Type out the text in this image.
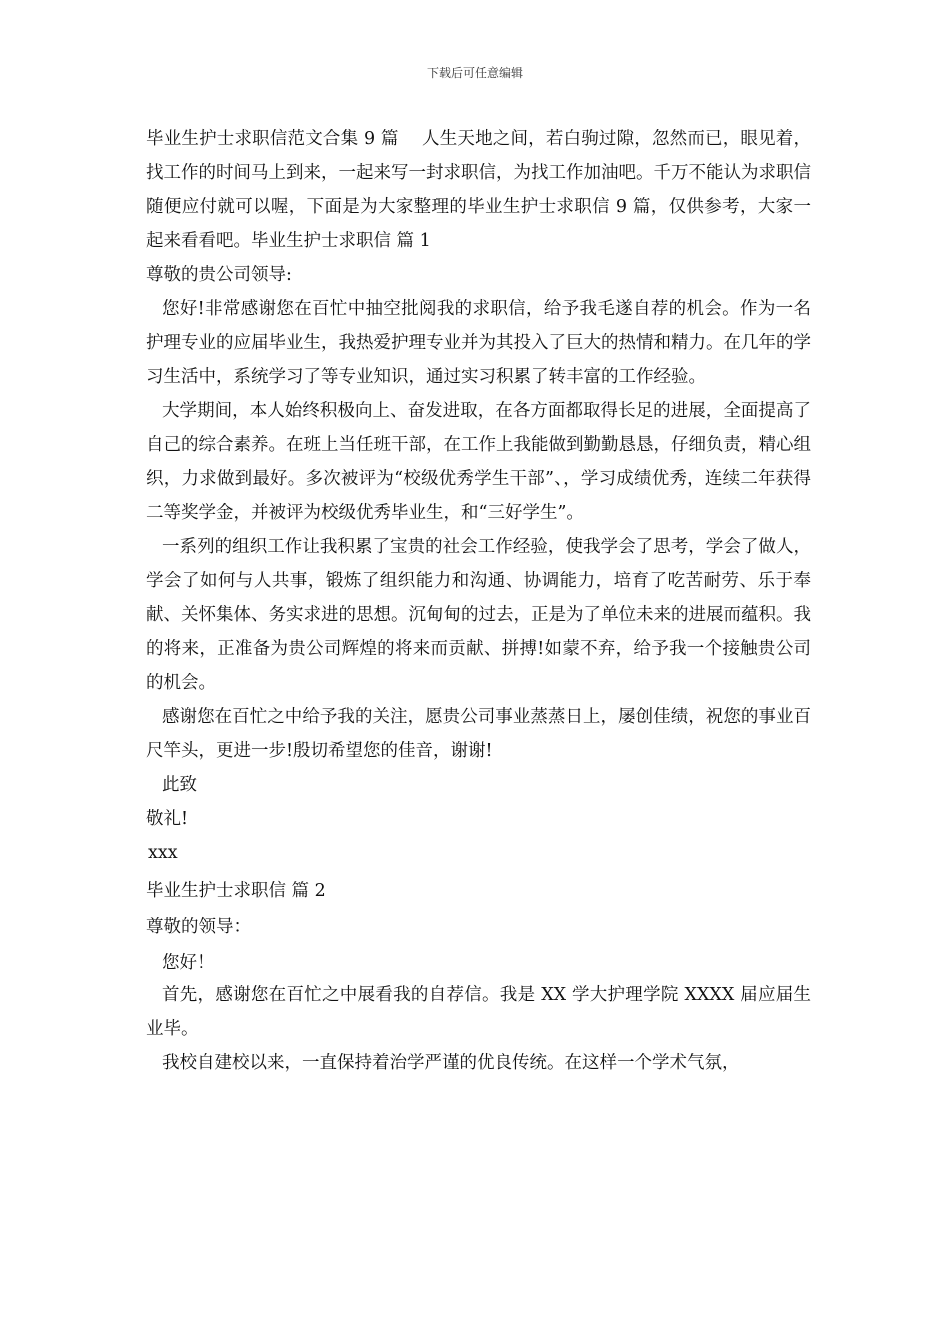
下载后可任意编辑

毕业生护士求职信范文合集 9 篇　 人生天地之间，若白驹过隙，忽然而已，眼见着，找工作的时间马上到来，一起来写一封求职信，为找工作加油吧。千万不能认为求职信随便应付就可以喔，下面是为大家整理的毕业生护士求职信 9 篇，仅供参考，大家一起来看看吧。毕业生护士求职信 篇 1

尊敬的贵公司领导:

您好!非常感谢您在百忙中抽空批阅我的求职信，给予我毛遂自荐的机会。作为一名护理专业的应届毕业生，我热爱护理专业并为其投入了巨大的热情和精力。在几年的学习生活中，系统学习了等专业知识，通过实习积累了转丰富的工作经验。

大学期间，本人始终积极向上、奋发进取，在各方面都取得长足的进展，全面提高了自己的综合素养。在班上当任班干部，在工作上我能做到勤勤恳恳，仔细负责，精心组织，力求做到最好。多次被评为“校级优秀学生干部”、，学习成绩优秀，连续二年获得二等奖学金，并被评为校级优秀毕业生，和“三好学生”。

一系列的组织工作让我积累了宝贵的社会工作经验，使我学会了思考，学会了做人，学会了如何与人共事，锻炼了组织能力和沟通、协调能力，培育了吃苦耐劳、乐于奉献、关怀集体、务实求进的思想。沉甸甸的过去，正是为了单位未来的进展而蕴积。我的将来，正准备为贵公司辉煌的将来而贡献、拼搏!如蒙不弃，给予我一个接触贵公司的机会。

感谢您在百忙之中给予我的关注，愿贵公司事业蒸蒸日上，屡创佳绩，祝您的事业百尺竿头，更进一步!殷切希望您的佳音，谢谢!

此致

敬礼!

xxx

毕业生护士求职信 篇 2

尊敬的领导：

您好！

首先，感谢您在百忙之中展看我的自荐信。我是 XX 学大护理学院 XXXX 届应届生业毕。

我校自建校以来，一直保持着治学严谨的优良传统。在这样一个学术气氛，
